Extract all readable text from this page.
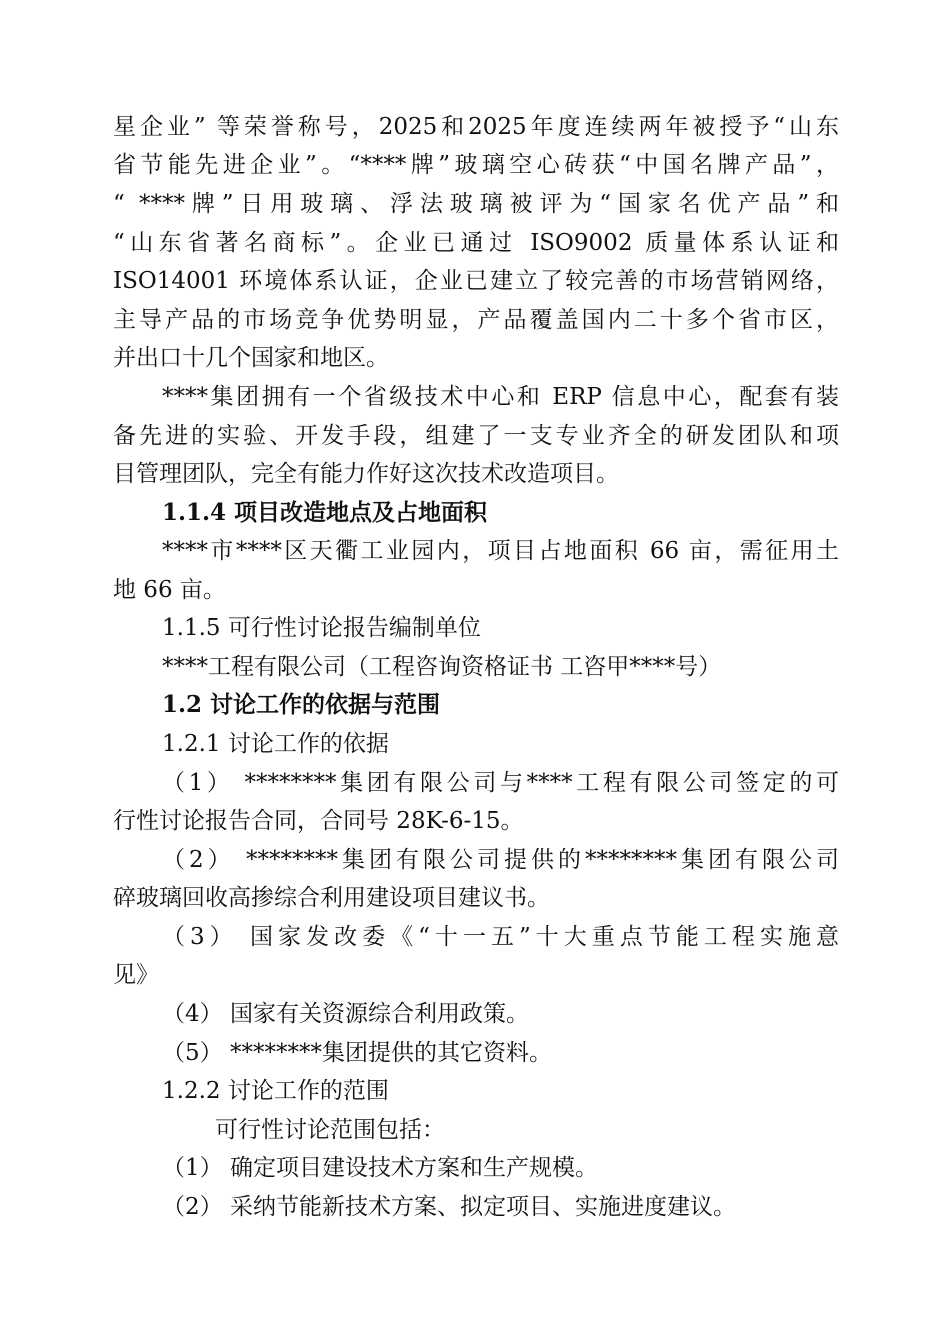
星企业” 等荣誉称号，2025和2025年度连续两年被授予“山东
省节能先进企业”。“****牌”玻璃空心砖获“中国名牌产品”，
“ ****牌”日用玻璃、浮法玻璃被评为“国家名优产品”和
“山东省著名商标”。企业已通过 ISO9002 质量体系认证和
ISO14001 环境体系认证，企业已建立了较完善的市场营销网络，
主导产品的市场竞争优势明显，产品覆盖国内二十多个省市区，
并出口十几个国家和地区。
****集团拥有一个省级技术中心和 ERP 信息中心，配套有装
备先进的实验、开发手段，组建了一支专业齐全的研发团队和项
目管理团队，完全有能力作好这次技术改造项目。
1.1.4 项目改造地点及占地面积
****市****区天衢工业园内，项目占地面积 66 亩，需征用土
地 66 亩。
1.1.5 可行性讨论报告编制单位
****工程有限公司（工程咨询资格证书 工咨甲****号）
1.2 讨论工作的依据与范围
1.2.1 讨论工作的依据
（1） ********集团有限公司与****工程有限公司签定的可
行性讨论报告合同，合同号 28K-6-15。
（2） ********集团有限公司提供的********集团有限公司
碎玻璃回收高掺综合利用建设项目建议书。
（3） 国家发改委《“十一五”十大重点节能工程实施意
见》
（4） 国家有关资源综合利用政策。
（5） ********集团提供的其它资料。
1.2.2 讨论工作的范围
可行性讨论范围包括：
（1） 确定项目建设技术方案和生产规模。
（2） 采纳节能新技术方案、拟定项目、实施进度建议。
